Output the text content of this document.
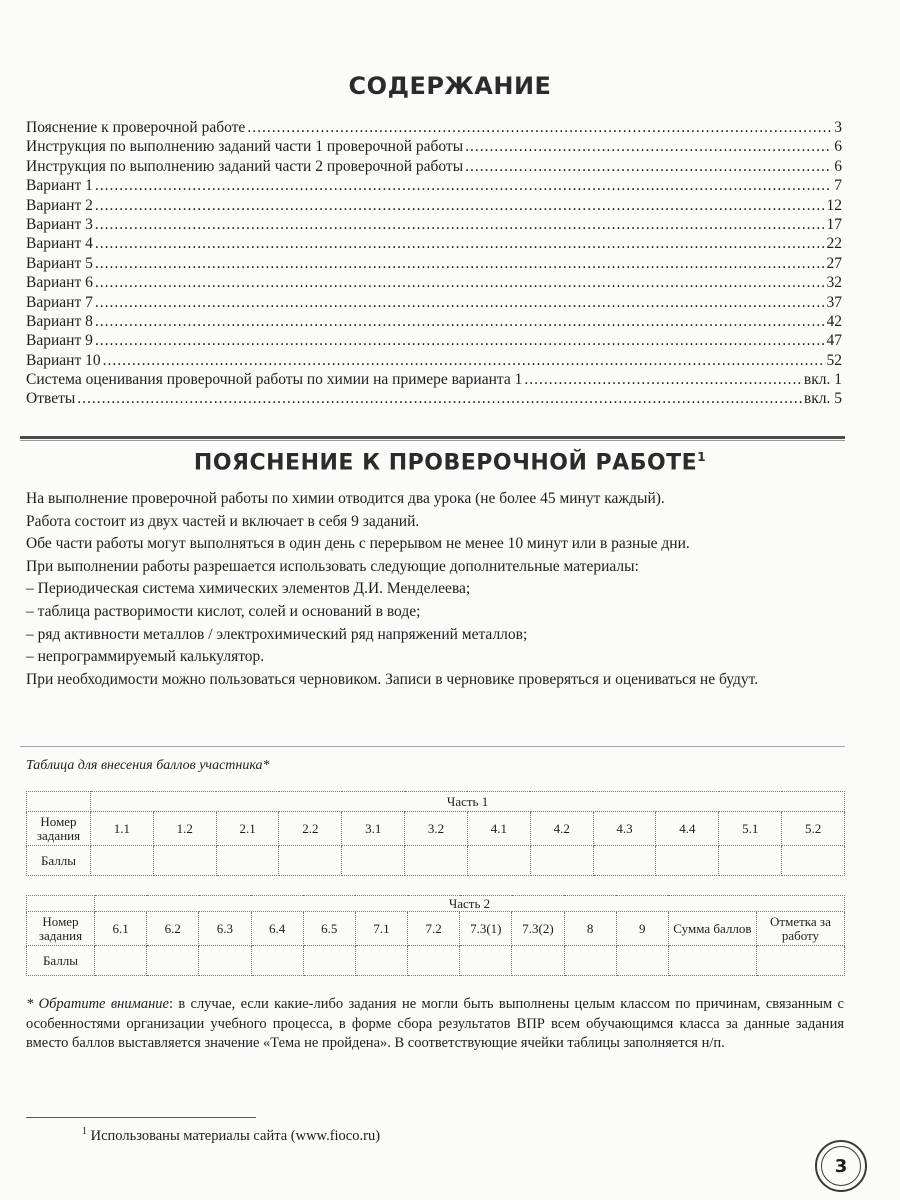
СОДЕРЖАНИЕ
Пояснение к проверочной работе .....	3
Инструкция по выполнению заданий части 1 проверочной работы .....	6
Инструкция по выполнению заданий части 2 проверочной работы .....	6
Вариант 1 .....	7
Вариант 2 .....	12
Вариант 3 .....	17
Вариант 4 .....	22
Вариант 5 .....	27
Вариант 6 .....	32
Вариант 7 .....	37
Вариант 8 .....	42
Вариант 9 .....	47
Вариант 10 .....	52
Система оценивания проверочной работы по химии на примере варианта 1 .....	вкл. 1
Ответы .....	вкл. 5
ПОЯСНЕНИЕ К ПРОВЕРОЧНОЙ РАБОТЕ$^1$

На выполнение проверочной работы по химии отводится два урока (не более 45 минут каждый).

Работа состоит из двух частей и включает в себя 9 заданий.

Обе части работы могут выполняться в один день с перерывом не менее 10 минут или в разные дни.

При выполнении работы разрешается использовать следующие дополнительные материалы:

– Периодическая система химических элементов Д.И. Менделеева;

– таблица растворимости кислот, солей и оснований в воде;

– ряд активности металлов / электрохимический ряд напряжений металлов;

– непрограммируемый калькулятор.

При необходимости можно пользоваться черновиком. Записи в черновике проверяться и оцениваться не будут.

Таблица для внесения баллов участника*
	Часть 1											
Номер задания	1.1	1.2	2.1	2.2	3.1	3.2	4.1	4.2	4.3	4.4	5.1	5.2
Баллы												
	Часть 2												
Номер задания	6.1	6.2	6.3	6.4	6.5	7.1	7.2	7.3(1)	7.3(2)	8	9	Сумма баллов	Отметка за работу
Баллы													
* Обратите внимание: в случае, если какие-либо задания не могли быть выполнены целым классом по причинам, связанным с особенностями организации учебного процесса, в форме сбора результатов ВПР всем обучающимся класса за данные задания вместо баллов выставляется значение «Тема не пройдена». В соответствующие ячейки таблицы заполняется н/п.
$^1$ Использованы материалы сайта (www.fioco.ru)
3
